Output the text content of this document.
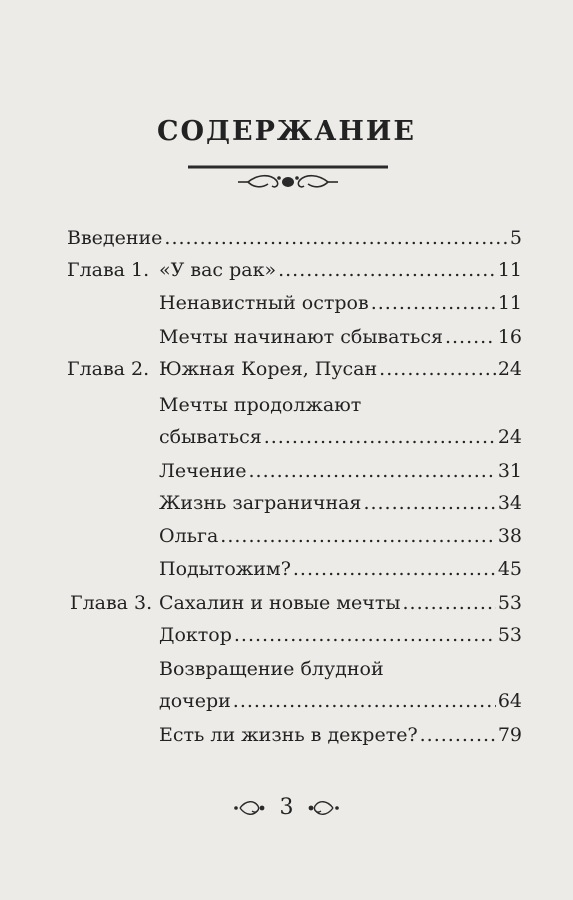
СОДЕРЖАНИЕ
Введение .....	5
Глава 1. «У вас рак» .....	11
Ненавистный остров .....	11
Мечты начинают сбываться .....	16
Глава 2. Южная Корея, Пусан .....	24
Мечты продолжают
сбываться .....	24
Лечение .....	31
Жизнь заграничная .....	34
Ольга .....	38
Подытожим? .....	45
Глава 3. Сахалин и новые мечты .....	53
Доктор .....	53
Возвращение блудной
дочери .....	64
Есть ли жизнь в декрете? .....	79
3
